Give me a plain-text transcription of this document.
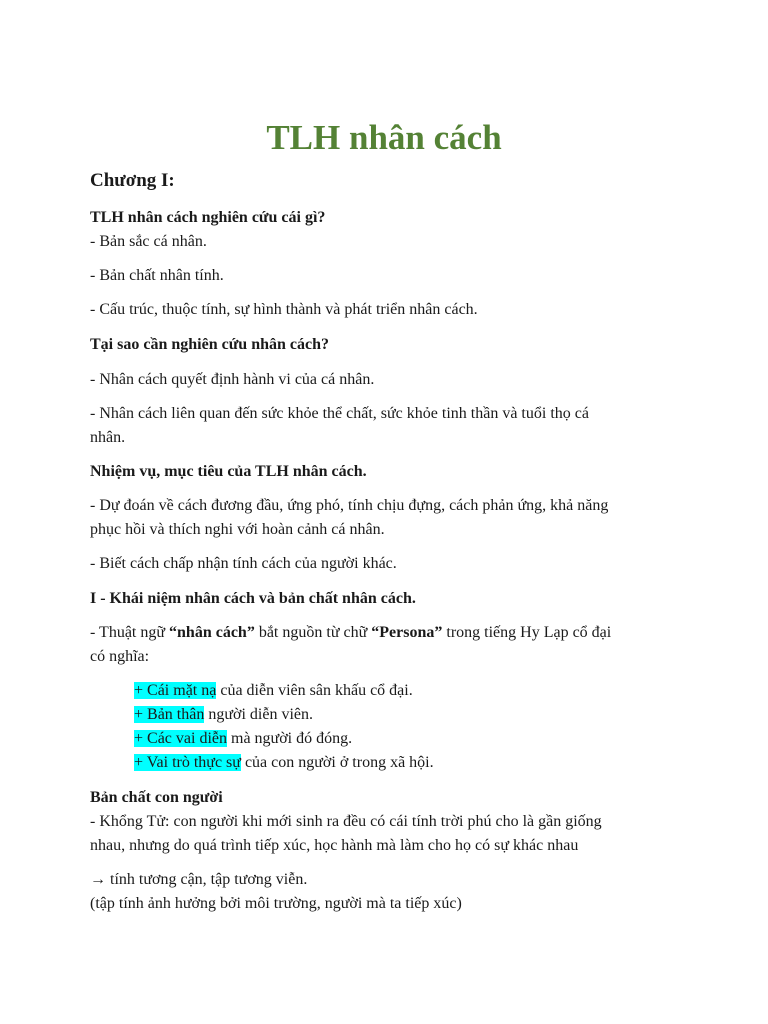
TLH nhân cách
Chương I:
TLH nhân cách nghiên cứu cái gì?
- Bản sắc cá nhân.
- Bản chất nhân tính.
- Cấu trúc, thuộc tính, sự hình thành và phát triển nhân cách.
Tại sao cần nghiên cứu nhân cách?
- Nhân cách quyết định hành vi của cá nhân.
- Nhân cách liên quan đến sức khỏe thể chất, sức khỏe tinh thần và tuổi thọ cá
nhân.
Nhiệm vụ, mục tiêu của TLH nhân cách.
- Dự đoán về cách đương đầu, ứng phó, tính chịu đựng, cách phản ứng, khả năng
phục hồi và thích nghi với hoàn cảnh cá nhân.
- Biết cách chấp nhận tính cách của người khác.
I - Khái niệm nhân cách và bản chất nhân cách.
- Thuật ngữ “nhân cách” bắt nguồn từ chữ “Persona” trong tiếng Hy Lạp cổ đại
có nghĩa:
+ Cái mặt nạ của diễn viên sân khấu cổ đại.
+ Bản thân người diễn viên.
+ Các vai diễn mà người đó đóng.
+ Vai trò thực sự của con người ở trong xã hội.
Bản chất con người
- Khổng Tử: con người khi mới sinh ra đều có cái tính trời phú cho là gần giống
nhau, nhưng do quá trình tiếp xúc, học hành mà làm cho họ có sự khác nhau
→ tính tương cận, tập tương viễn.
(tập tính ảnh hưởng bởi môi trường, người mà ta tiếp xúc)
